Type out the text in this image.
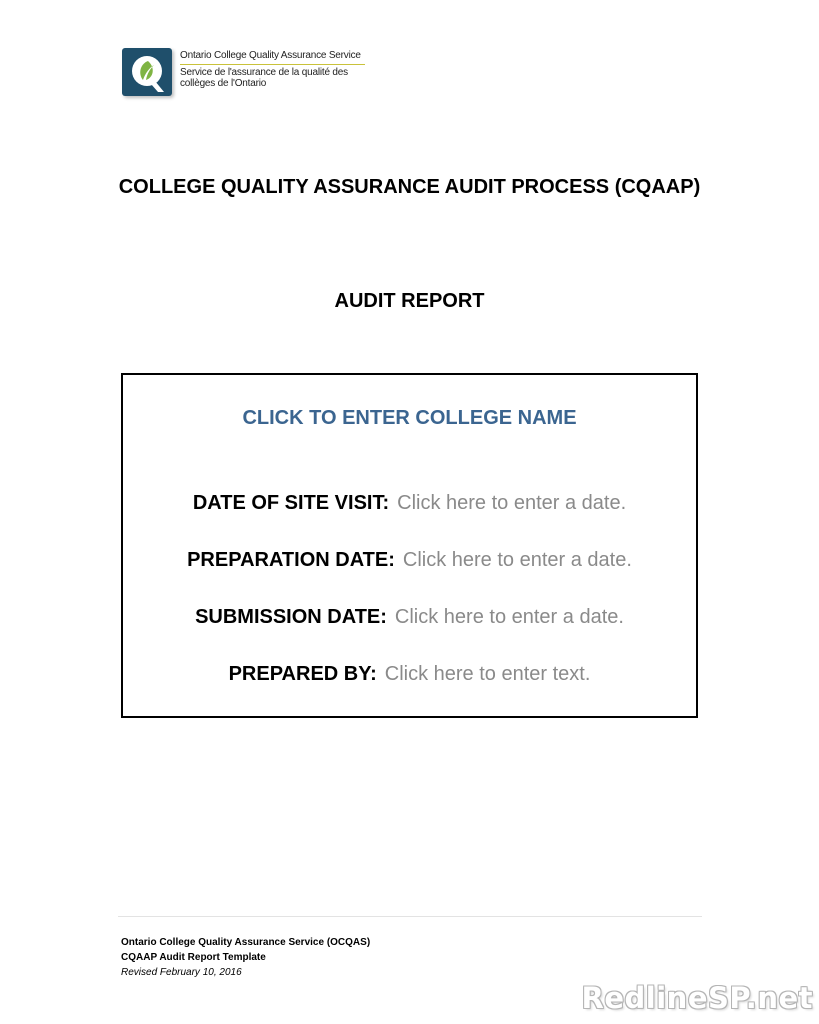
Ontario College Quality Assurance Service
Service de l'assurance de la qualité des collèges de l'Ontario
COLLEGE QUALITY ASSURANCE AUDIT PROCESS (CQAAP)
AUDIT REPORT
CLICK TO ENTER COLLEGE NAME
DATE OF SITE VISIT: Click here to enter a date.
PREPARATION DATE: Click here to enter a date.
SUBMISSION DATE: Click here to enter a date.
PREPARED BY: Click here to enter text.
Ontario College Quality Assurance Service (OCQAS)
CQAAP Audit Report Template
Revised February 10, 2016
RedlineSP.net
